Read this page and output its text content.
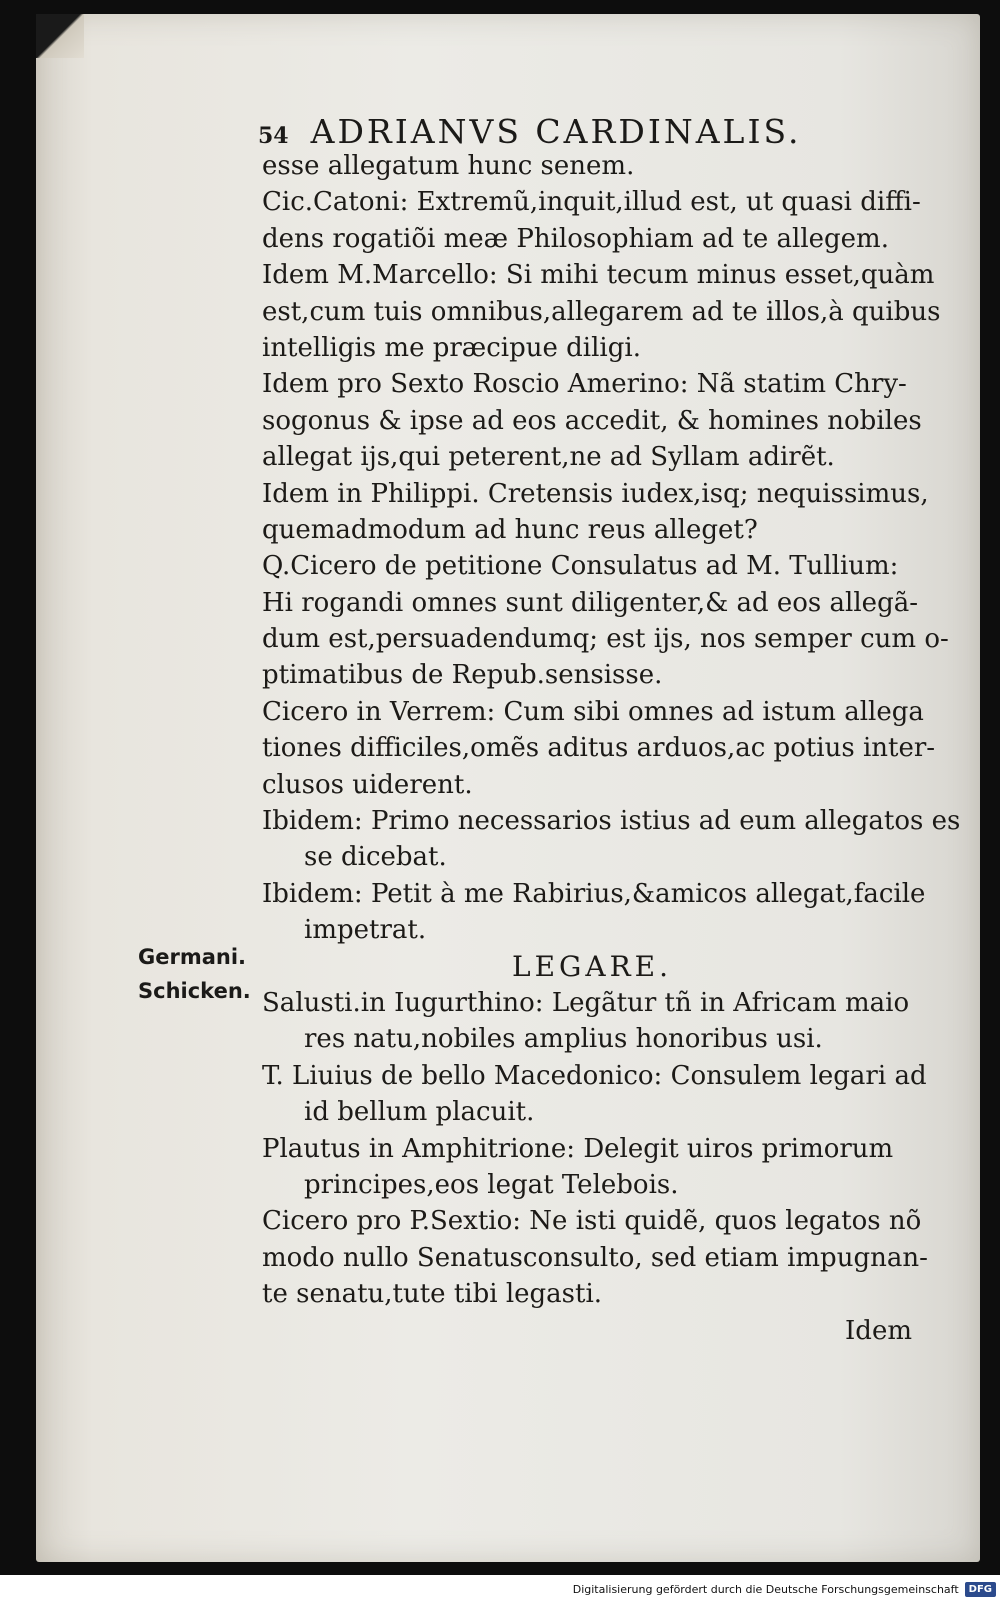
54 ADRIANVS CARDINALIS.
Germani.
Schicken.
esse allegatum hunc senem.
Cic.Catoni: Extremũ,inquit,illud est, ut quasi diffi-
dens rogatiõi meæ Philosophiam ad te allegem.
Idem M.Marcello: Si mihi tecum minus esset,quàm
est,cum tuis omnibus,allegarem ad te illos,à quibus
intelligis me præcipue diligi.
Idem pro Sexto Roscio Amerino: Nã statim Chry-
sogonus & ipse ad eos accedit, & homines nobiles
allegat ijs,qui peterent,ne ad Syllam adirẽt.
Idem in Philippi. Cretensis iudex,isq; nequissimus,
quemadmodum ad hunc reus alleget?
Q.Cicero de petitione Consulatus ad M. Tullium:
Hi rogandi omnes sunt diligenter,& ad eos allegã-
dum est,persuadendumq; est ijs, nos semper cum o-
ptimatibus de Repub.sensisse.
Cicero in Verrem: Cum sibi omnes ad istum allega
tiones difficiles,omẽs aditus arduos,ac potius inter-
clusos uiderent.
Ibidem: Primo necessarios istius ad eum allegatos es
se dicebat.
Ibidem: Petit à me Rabirius,&amicos allegat,facile
impetrat.
LEGARE.
Salusti.in Iugurthino: Legãtur tñ in Africam maio
res natu,nobiles amplius honoribus usi.
T. Liuius de bello Macedonico: Consulem legari ad
id bellum placuit.
Plautus in Amphitrione: Delegit uiros primorum
principes,eos legat Telebois.
Cicero pro P.Sextio: Ne isti quidẽ, quos legatos nõ
modo nullo Senatusconsulto, sed etiam impugnan-
te senatu,tute tibi legasti.
Idem
Digitalisierung gefördert durch die Deutsche Forschungsgemeinschaft	DFG
